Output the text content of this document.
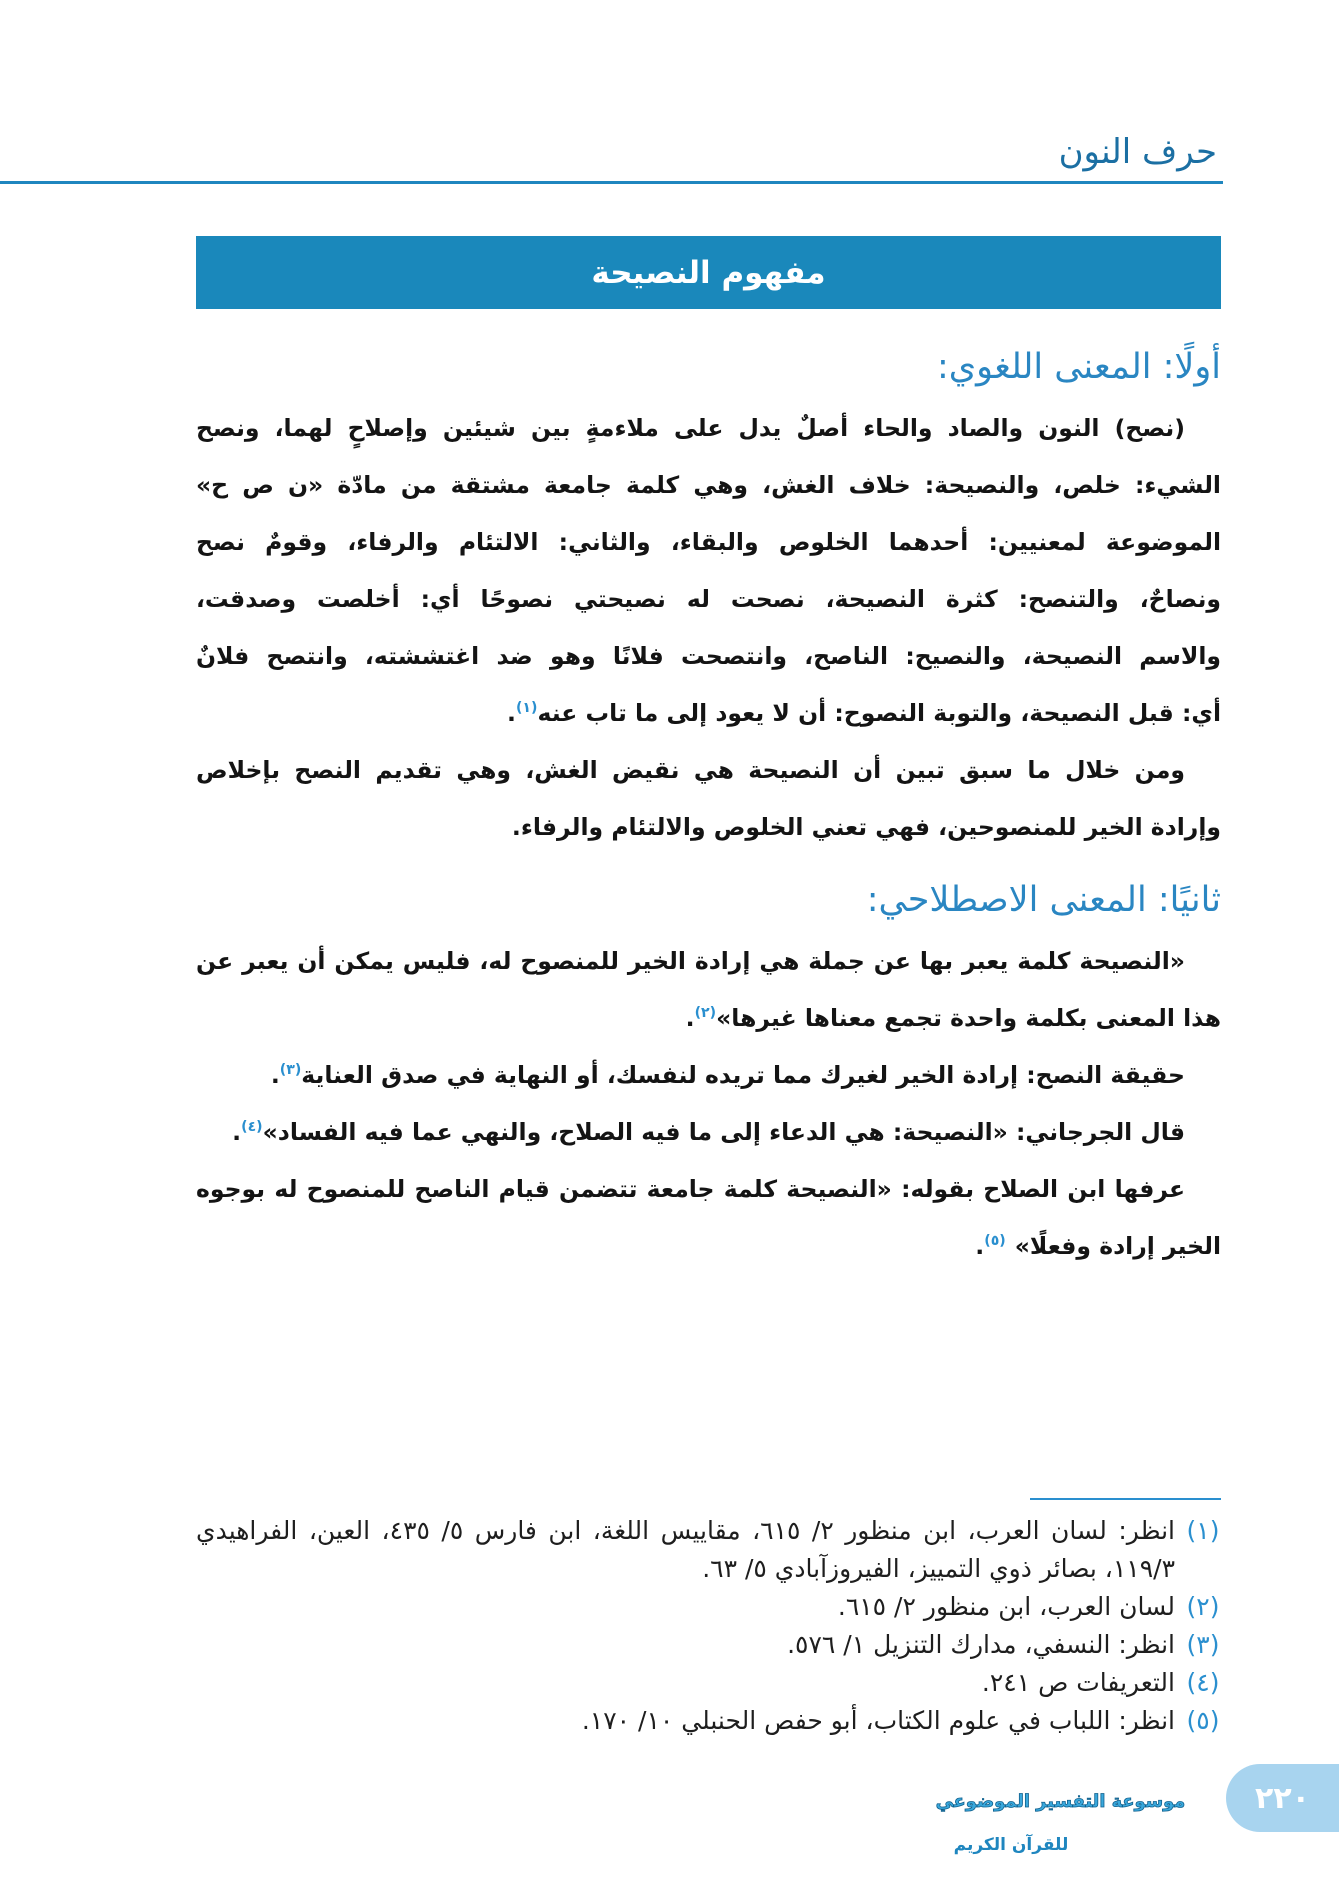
حرف النون
مفهوم النصيحة
أولًا: المعنى اللغوي:
(نصح) النون والصاد والحاء أصلٌ يدل على ملاءمةٍ بين شيئين وإصلاحٍ لهما، ونصح
الشيء: خلص، والنصيحة: خلاف الغش، وهي كلمة جامعة مشتقة من مادّة «ن ص ح»
الموضوعة لمعنيين: أحدهما الخلوص والبقاء، والثاني: الالتئام والرفاء، وقومٌ نصح
ونصاحٌ، والتنصح: كثرة النصيحة، نصحت له نصيحتي نصوحًا أي: أخلصت وصدقت،
والاسم النصيحة، والنصيح: الناصح، وانتصحت فلانًا وهو ضد اغتششته، وانتصح فلانٌ
أي: قبل النصيحة، والتوبة النصوح: أن لا يعود إلى ما تاب عنه$^{(١)}$.
ومن خلال ما سبق تبين أن النصيحة هي نقيض الغش، وهي تقديم النصح بإخلاص
وإرادة الخير للمنصوحين، فهي تعني الخلوص والالتئام والرفاء.
ثانيًا: المعنى الاصطلاحي:
«النصيحة كلمة يعبر بها عن جملة هي إرادة الخير للمنصوح له، فليس يمكن أن يعبر عن
هذا المعنى بكلمة واحدة تجمع معناها غيرها»$^{(٢)}$.
حقيقة النصح: إرادة الخير لغيرك مما تريده لنفسك، أو النهاية في صدق العناية$^{(٣)}$.
قال الجرجاني: «النصيحة: هي الدعاء إلى ما فيه الصلاح، والنهي عما فيه الفساد»$^{(٤)}$.
عرفها ابن الصلاح بقوله: «النصيحة كلمة جامعة تتضمن قيام الناصح للمنصوح له بوجوه
الخير إرادة وفعلًا»$^{(٥)}$.
(١)
انظر: لسان العرب، ابن منظور ٢/ ٦١٥، مقاييس اللغة، ابن فارس ٥/ ٤٣٥، العين، الفراهيدي
١١٩/٣، بصائر ذوي التمييز، الفيروزآبادي ٥/ ٦٣.
(٢)
لسان العرب، ابن منظور ٢/ ٦١٥.
(٣)
انظر: النسفي، مدارك التنزيل ١/ ٥٧٦.
(٤)
التعريفات ص ٢٤١.
(٥)
انظر: اللباب في علوم الكتاب، أبو حفص الحنبلي ١٠/ ١٧٠.
موسوعة التفسير الموضوعي
للقرآن الكريم
٢٢٠
